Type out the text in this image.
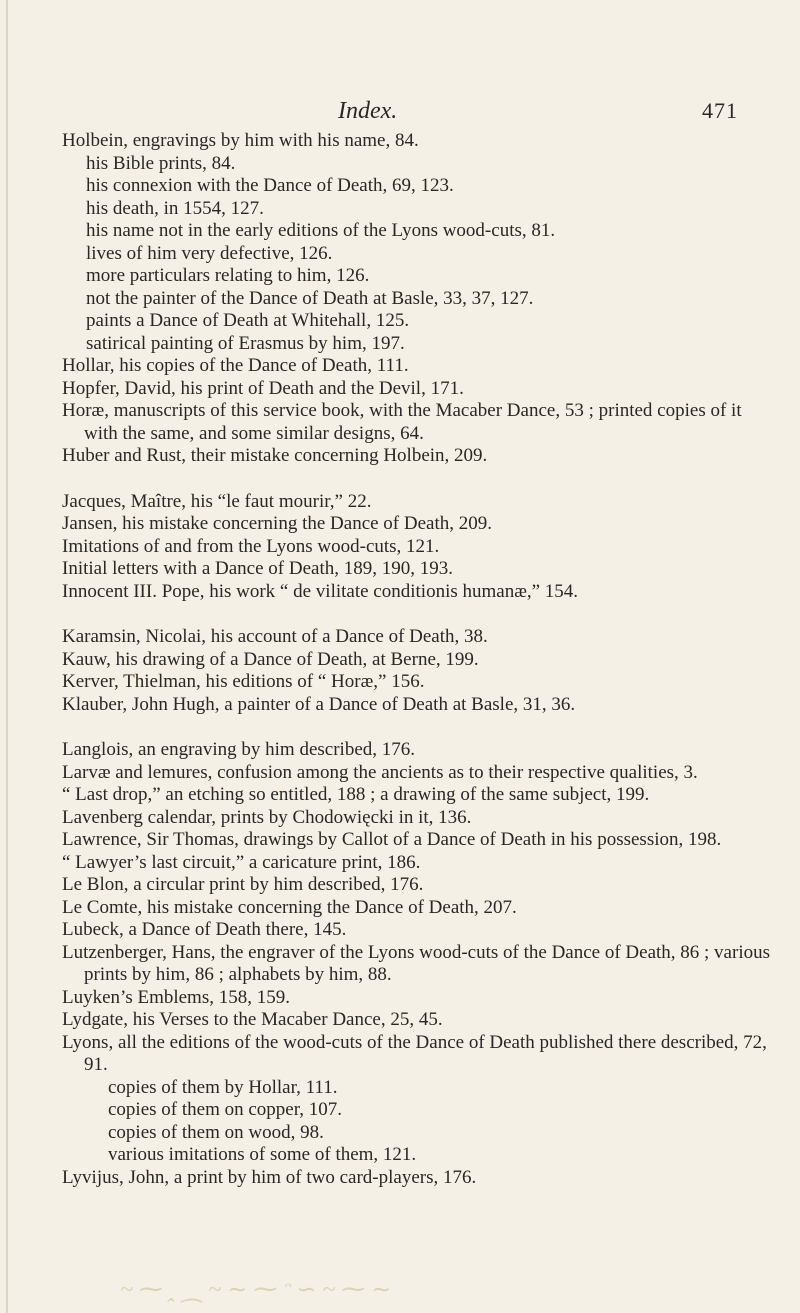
Index.	471
Holbein, engravings by him with his name, 84.
his Bible prints, 84.
his connexion with the Dance of Death, 69, 123.
his death, in 1554, 127.
his name not in the early editions of the Lyons wood-cuts, 81.
lives of him very defective, 126.
more particulars relating to him, 126.
not the painter of the Dance of Death at Basle, 33, 37, 127.
paints a Dance of Death at Whitehall, 125.
satirical painting of Erasmus by him, 197.
Hollar, his copies of the Dance of Death, 111.
Hopfer, David, his print of Death and the Devil, 171.
Horæ, manuscripts of this service book, with the Macaber Dance, 53 ; printed copies of it with the same, and some similar designs, 64.
Huber and Rust, their mistake concerning Holbein, 209.
Jacques, Maître, his “le faut mourir,” 22.
Jansen, his mistake concerning the Dance of Death, 209.
Imitations of and from the Lyons wood-cuts, 121.
Initial letters with a Dance of Death, 189, 190, 193.
Innocent III. Pope, his work “ de vilitate conditionis humanæ,” 154.
Karamsin, Nicolai, his account of a Dance of Death, 38.
Kauw, his drawing of a Dance of Death, at Berne, 199.
Kerver, Thielman, his editions of “ Horæ,” 156.
Klauber, John Hugh, a painter of a Dance of Death at Basle, 31, 36.
Langlois, an engraving by him described, 176.
Larvæ and lemures, confusion among the ancients as to their respective qualities, 3.
“ Last drop,” an etching so entitled, 188 ; a drawing of the same subject, 199.
Lavenberg calendar, prints by Chodowięcki in it, 136.
Lawrence, Sir Thomas, drawings by Callot of a Dance of Death in his possession, 198.
“ Lawyer’s last circuit,” a caricature print, 186.
Le Blon, a circular print by him described, 176.
Le Comte, his mistake concerning the Dance of Death, 207.
Lubeck, a Dance of Death there, 145.
Lutzenberger, Hans, the engraver of the Lyons wood-cuts of the Dance of Death, 86 ; various prints by him, 86 ; alphabets by him, 88.
Luyken’s Emblems, 158, 159.
Lydgate, his Verses to the Macaber Dance, 25, 45.
Lyons, all the editions of the wood-cuts of the Dance of Death published there described, 72, 91.
copies of them by Hollar, 111.
copies of them on copper, 107.
copies of them on wood, 98.
various imitations of some of them, 121.
Lyvijus, John, a print by him of two card-players, 176.
~ ⁓ ꞈ ⁔ ~ ∼ ⁓ ᵔ ∽ ~ ⁓ ∼
